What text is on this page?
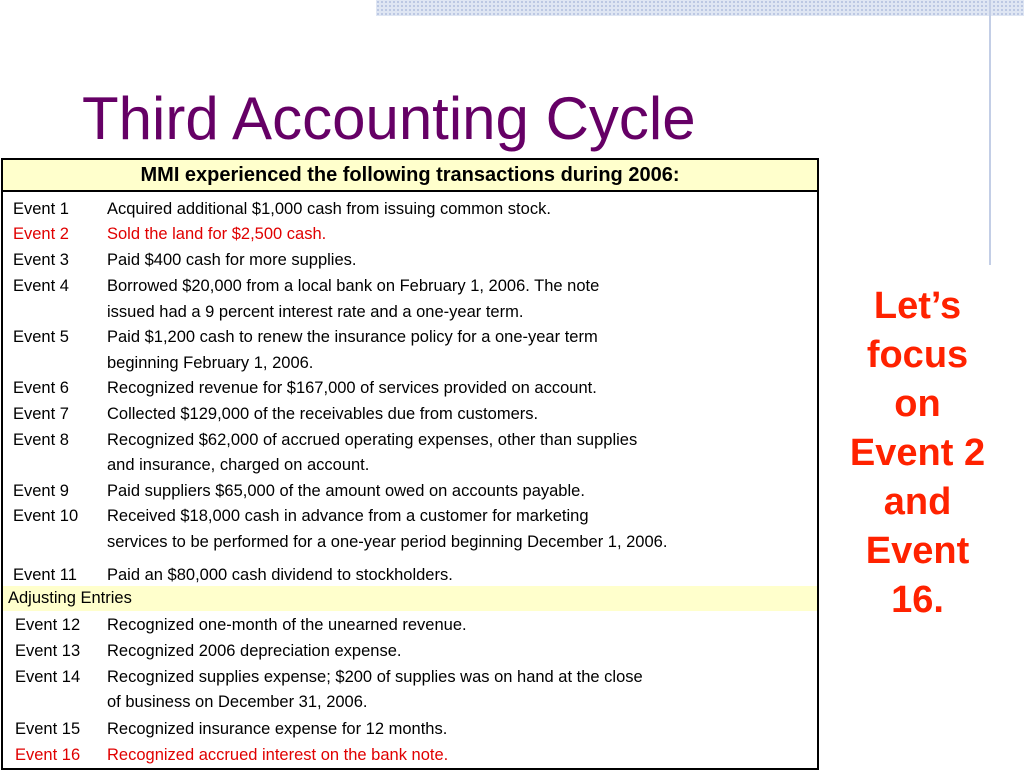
Third Accounting Cycle
MMI experienced the following transactions during 2006:
Event 1 Acquired additional $1,000 cash from issuing common stock.
Event 2 Sold the land for $2,500 cash.
Event 3 Paid $400 cash for more supplies.
Event 4 Borrowed $20,000 from a local bank on February 1, 2006. The note
issued had a 9 percent interest rate and a one-year term.
Event 5 Paid $1,200 cash to renew the insurance policy for a one-year term
beginning February 1, 2006.
Event 6 Recognized revenue for $167,000 of services provided on account.
Event 7 Collected $129,000 of the receivables due from customers.
Event 8 Recognized $62,000 of accrued operating expenses, other than supplies
and insurance, charged on account.
Event 9 Paid suppliers $65,000 of the amount owed on accounts payable.
Event 10 Received $18,000 cash in advance from a customer for marketing
services to be performed for a one-year period beginning December 1, 2006.
Event 11 Paid an $80,000 cash dividend to stockholders.
Adjusting Entries
Event 12 Recognized one-month of the unearned revenue.
Event 13 Recognized 2006 depreciation expense.
Event 14 Recognized supplies expense; $200 of supplies was on hand at the close
of business on December 31, 2006.
Event 15 Recognized insurance expense for 12 months.
Event 16 Recognized accrued interest on the bank note.
Let’s
focus
on
Event 2
and
Event
16.
